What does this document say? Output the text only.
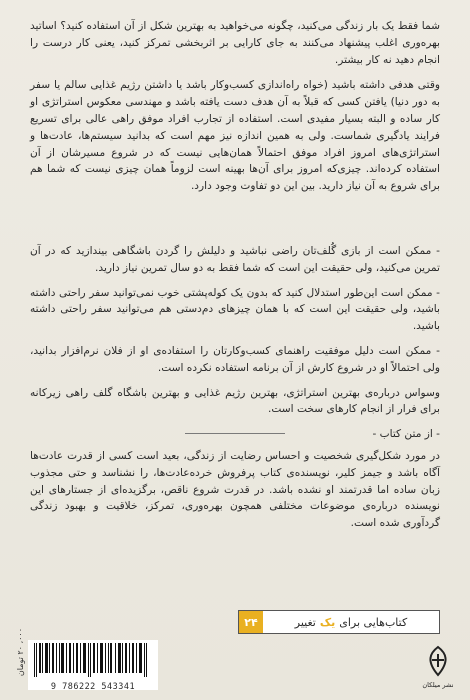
شما فقط یک بار زندگی می‌کنید، چگونه می‌خواهید به بهترین شکل از آن استفاده کنید؟ اساتید بهره‌وری اغلب پیشنهاد می‌کنند به جای کارایی بر اثربخشی تمرکز کنید، یعنی کار درست را انجام دهید نه کار بیشتر.

وقتی هدفی داشته باشید (خواه راه‌اندازی کسب‌وکار باشد یا داشتن رژیم غذایی سالم یا سفر به دور دنیا) یافتن کسی که قبلاً به آن هدف دست یافته باشد و مهندسی معکوس استراتژی او کار ساده و البته بسیار مفیدی است. استفاده از تجارب افراد موفق راهی عالی برای تسریع فرایند یادگیری شماست. ولی به همین اندازه نیز مهم است که بدانید سیستم‌ها، عادت‌ها و استراتژی‌های امروز افراد موفق احتمالاً همان‌هایی نیست که در شروع مسیرشان از آن استفاده کرده‌اند. چیزی‌که امروز برای آن‌ها بهینه است لزوماً همان چیزی نیست که شما هم برای شروع به آن نیاز دارید. بین این دو تفاوت وجود دارد.

- ممکن است از بازی گُلف‌تان راضی نباشید و دلیلش را گردن باشگاهی بیندازید که در آن تمرین می‌کنید، ولی حقیقت این است که شما فقط به دو سال تمرین نیاز دارید.

- ممکن است این‌طور استدلال کنید که بدون یک کوله‌پشتی خوب نمی‌توانید سفر راحتی داشته باشید، ولی حقیقت این است که با همان چیزهای دم‌دستی هم می‌توانید سفر راحتی داشته باشید.

- ممکن است دلیل موفقیت راهنمای کسب‌وکارتان را استفاده‌ی او از فلان نرم‌افزار بدانید، ولی احتمالاً او در شروع کارش از آن برنامه استفاده نکرده است.

وسواس درباره‌ی بهترین استراتژی، بهترین رژیم غذایی و بهترین باشگاه گلف راهی زیرکانه برای فرار از انجام کارهای سخت است.

- از متن کتاب -

در مورد شکل‌گیری شخصیت و احساس رضایت از زندگی، بعید است کسی از قدرت عادت‌ها آگاه باشد و جیمز کلیر، نویسنده‌ی کتاب پرفروش خرده‌عادت‌ها، را نشناسد و حتی مجذوب زبان ساده اما قدرتمند او نشده باشد. در قدرت شروع ناقص، برگزیده‌ای از جستارهای این نویسنده درباره‌ی موضوعات مختلفی همچون بهره‌وری، تمرکز، خلاقیت و بهبود زندگی گردآوری شده است.

کتاب‌هایی برای
یک
تغییر
۲۴
۰۰۰، ۲۰ تومان
9 786222 543341	نشر میلکان
